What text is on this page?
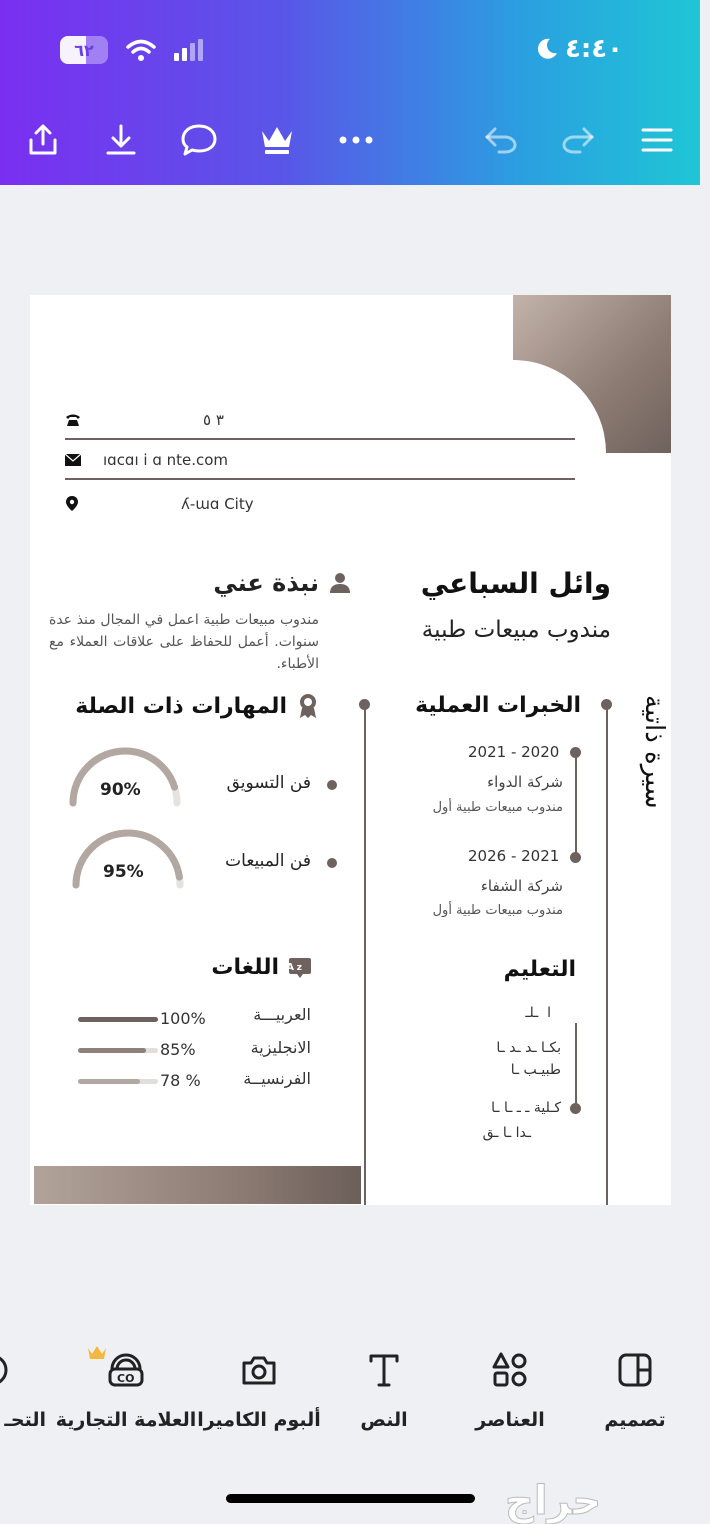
٦٢	٤:٤٠
٣ ٥
ıɑcɑı i ɑ nte.com
ʎ-ɯɑ City
وائل السباعي
مندوب مبيعات طبية
نبذة عني
مندوب مبيعات طبية اعمل في المجال منذ عدة سنوات. أعمل للحفاظ على علاقات العملاء مع الأطباء.
سيرة ذاتية
الخبرات العملية
2021 - 2020
شركة الدواء
مندوب مبيعات طبية أول
2026 - 2021
شركة الشفاء
مندوب مبيعات طبية أول
التعليم
ا ‌ ـلـ
بكـا ـد ـد ـا
طبيـب ـا
كـلية ـ ـ ـا ـا
ـدا ـا ـق
المهارات ذات الصلة
فن التسويق
90%
فن المبيعات
95%
A z
اللغات
العربيـــة
100%
الانجليزية
85%
الفرنسيــة
78 %
تصميم
العناصر
النص
ألبوم الكاميرا
CO
العلامة التجارية
التحـ
حراج
